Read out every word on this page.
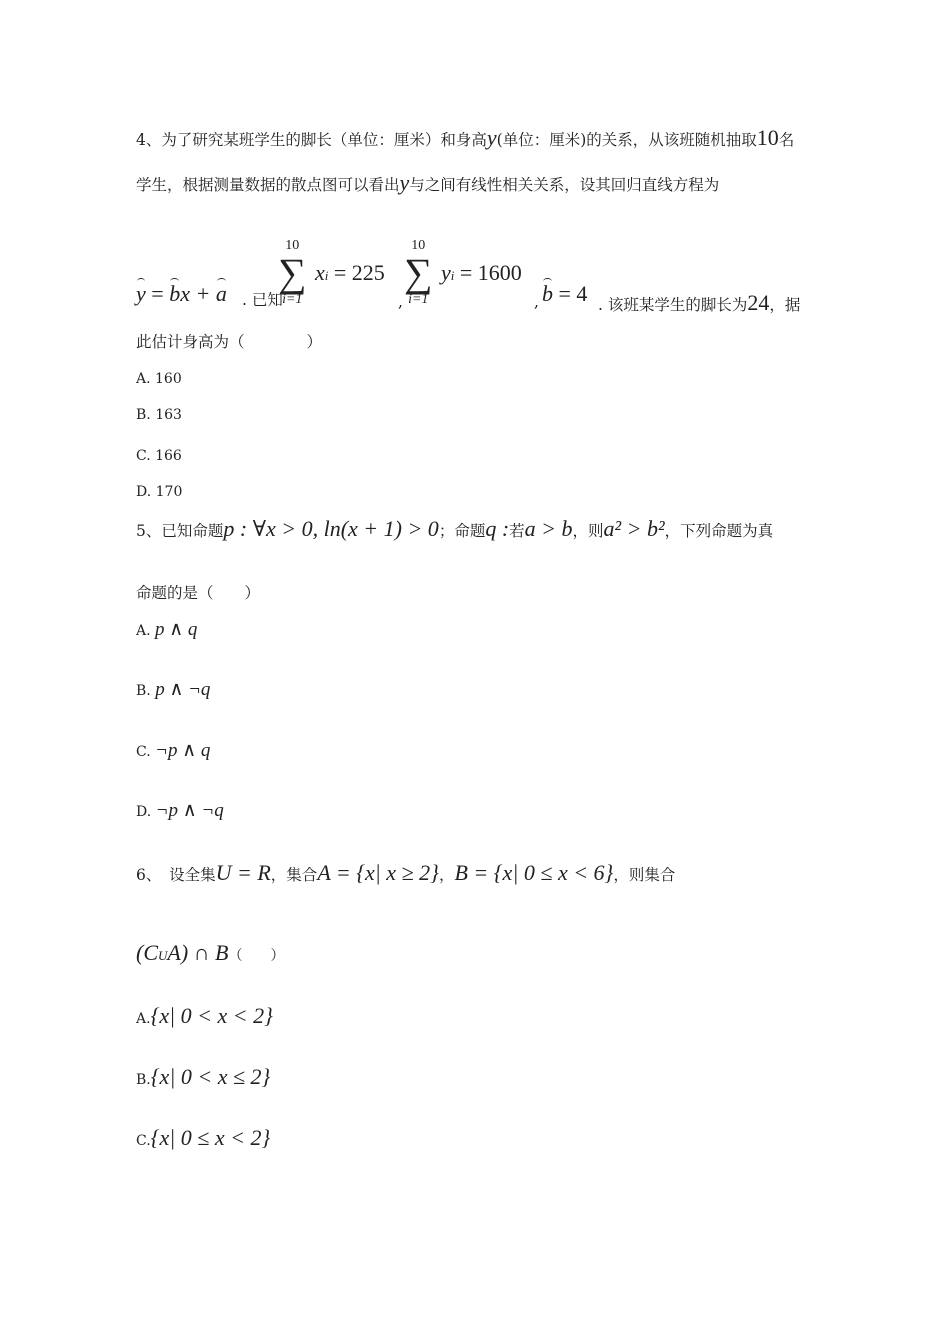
4、为了研究某班学生的脚长（单位：厘米）和身高y(单位：厘米)的关系，从该班随机抽取10名
学生，根据测量数据的散点图可以看出y与之间有线性相关关系，设其回归直线方程为
y = bx + a . 已知
10
∑
i=1
xi = 225
,
10
∑
i=1
yi = 1600
, b = 4 . 该班某学生的脚长为24，据
此估计身高为（　　　　）
A. 160
B. 163
C. 166
D. 170
5、已知命题p : ∀x > 0, ln(x + 1) > 0；命题q :若a > b，则a² > b²，下列命题为真
命题的是（　　）
A. p ∧ q
B. p ∧ ¬q
C. ¬p ∧ q
D. ¬p ∧ ¬q
6、　设全集U = R，集合A = {x| x ≥ 2}，B = {x| 0 ≤ x < 6}，则集合
(CUA) ∩ B（　　）
A.{x| 0 < x < 2}
B.{x| 0 < x ≤ 2}
C.{x| 0 ≤ x < 2}
